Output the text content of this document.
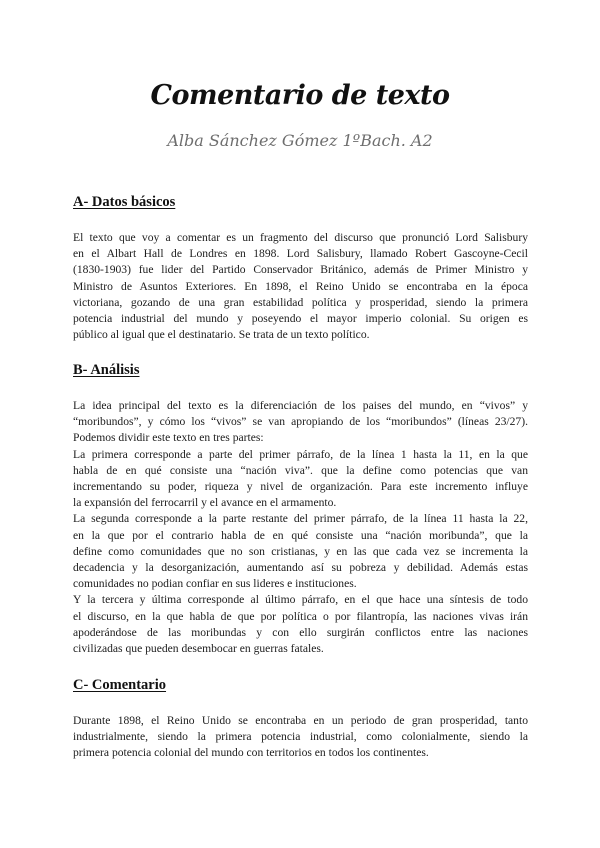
Comentario de texto
Alba Sánchez Gómez 1ºBach. A2
A- Datos básicos
El texto que voy a comentar es un fragmento del discurso que pronunció Lord Salisbury
en el Albart Hall de Londres en 1898. Lord Salisbury, llamado Robert Gascoyne-Cecil
(1830-1903) fue lider del Partido Conservador Británico, además de Primer Ministro y
Ministro de Asuntos Exteriores. En 1898, el Reino Unido se encontraba en la época
victoriana, gozando de una gran estabilidad política y prosperidad, siendo la primera
potencia industrial del mundo y poseyendo el mayor imperio colonial. Su origen es
público al igual que el destinatario. Se trata de un texto político.
B- Análisis
La idea principal del texto es la diferenciación de los paises del mundo, en “vivos” y
“moribundos”, y cómo los “vivos” se van apropiando de los “moribundos” (líneas 23/27).
Podemos dividir este texto en tres partes:
La primera corresponde a parte del primer párrafo, de la línea 1 hasta la 11, en la que
habla de en qué consiste una “nación viva”. que la define como potencias que van
incrementando su poder, riqueza y nivel de organización. Para este incremento influye
la expansión del ferrocarril y el avance en el armamento.
La segunda corresponde a la parte restante del primer párrafo, de la línea 11 hasta la 22,
en la que por el contrario habla de en qué consiste una “nación moribunda”, que la
define como comunidades que no son cristianas, y en las que cada vez se incrementa la
decadencia y la desorganización, aumentando así su pobreza y debilidad. Además estas
comunidades no podian confiar en sus lideres e instituciones.
Y la tercera y última corresponde al último párrafo, en el que hace una síntesis de todo
el discurso, en la que habla de que por política o por filantropía, las naciones vivas irán
apoderándose de las moribundas y con ello surgirán conflictos entre las naciones
civilizadas que pueden desembocar en guerras fatales.
C- Comentario
Durante 1898, el Reino Unido se encontraba en un periodo de gran prosperidad, tanto
industrialmente, siendo la primera potencia industrial, como colonialmente, siendo la
primera potencia colonial del mundo con territorios en todos los continentes.
